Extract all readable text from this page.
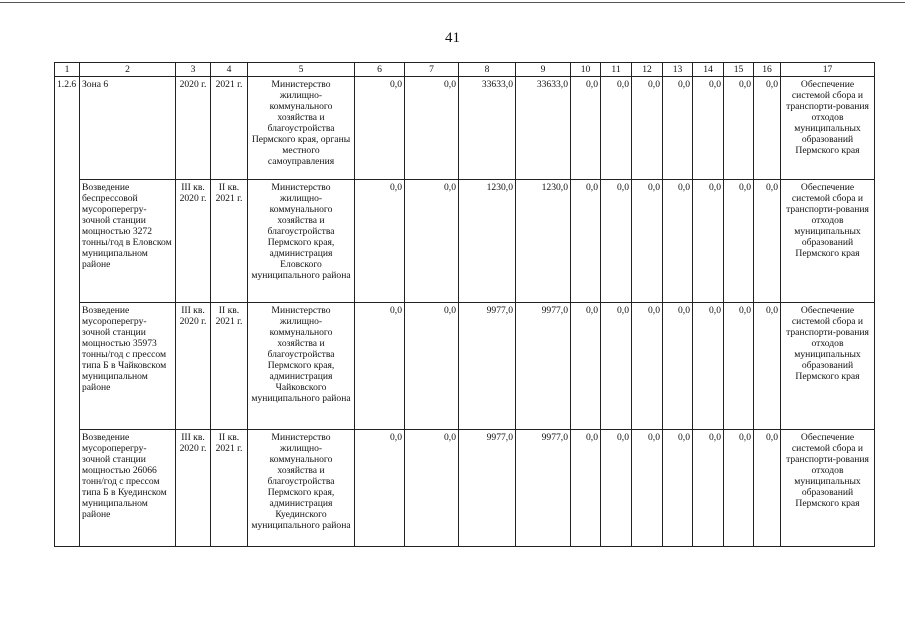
41
1	2	3	4	5	6	7	8	9	10	11	12	13	14	15	16	17
1.2.6	Зона 6	2020 г.	2021 г.	Министерство жилищно-коммунального хозяйства и благоустройства Пермского края, органы местного самоуправления	0,0	0,0	33633,0	33633,0	0,0	0,0	0,0	0,0	0,0	0,0	0,0	Обеспечение системой сбора и транспорти-рования отходов муниципальных образований Пермского края
	Возведение беспрессовой мусороперегру-зочной станции мощностью 3272 тонны/год в Еловском муниципальном районе	III кв. 2020 г.	II кв. 2021 г.	Министерство жилищно-коммунального хозяйства и благоустройства Пермского края, администрация Еловского муниципального района	0,0	0,0	1230,0	1230,0	0,0	0,0	0,0	0,0	0,0	0,0	0,0	Обеспечение системой сбора и транспорти-рования отходов муниципальных образований Пермского края
	Возведение мусороперегру-зочной станции мощностью 35973 тонны/год с прессом типа Б в Чайковском муниципальном районе	III кв. 2020 г.	II кв. 2021 г.	Министерство жилищно-коммунального хозяйства и благоустройства Пермского края, администрация Чайковского муниципального района	0,0	0,0	9977,0	9977,0	0,0	0,0	0,0	0,0	0,0	0,0	0,0	Обеспечение системой сбора и транспорти-рования отходов муниципальных образований Пермского края
	Возведение мусороперегру-зочной станции мощностью 26066 тонн/год с прессом типа Б в Куединском муниципальном районе	III кв. 2020 г.	II кв. 2021 г.	Министерство жилищно-коммунального хозяйства и благоустройства Пермского края, администрация Куединского муниципального района	0,0	0,0	9977,0	9977,0	0,0	0,0	0,0	0,0	0,0	0,0	0,0	Обеспечение системой сбора и транспорти-рования отходов муниципальных образований Пермского края
